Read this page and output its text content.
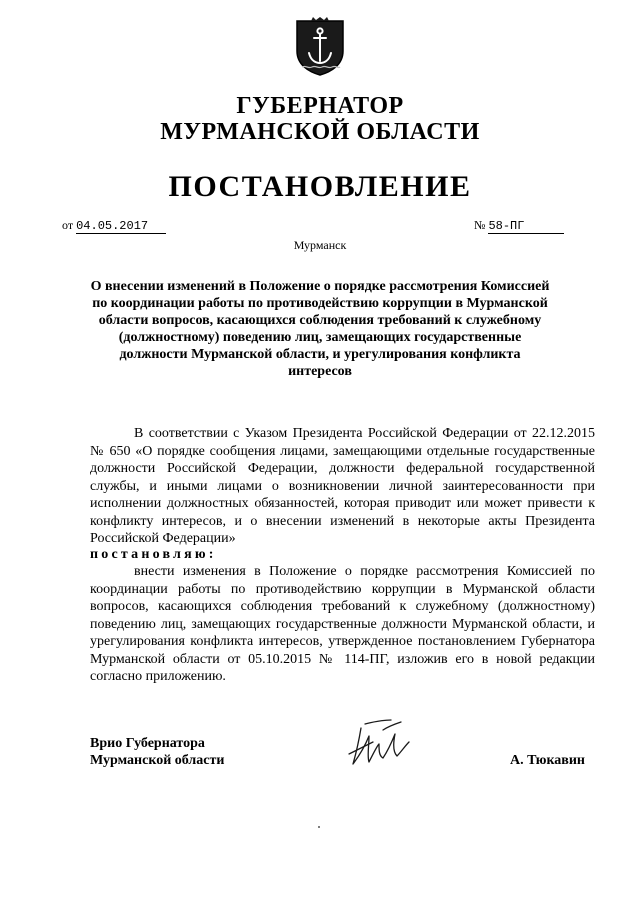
ГУБЕРНАТОР
МУРМАНСКОЙ ОБЛАСТИ
ПОСТАНОВЛЕНИЕ
от 04.05.2017	№ 58-ПГ
Мурманск
О внесении изменений в Положение о порядке рассмотрения Комиссией
по координации работы по противодействию коррупции в Мурманской
области вопросов, касающихся соблюдения требований к служебному
(должностному) поведению лиц, замещающих государственные
должности Мурманской области, и урегулирования конфликта
интересов
В соответствии с Указом Президента Российской Федерации от 22.12.2015 № 650 «О порядке сообщения лицами, замещающими отдельные государственные должности Российской Федерации, должности федеральной государственной службы, и иными лицами о возникновении личной заинтересованности при исполнении должностных обязанностей, которая приводит или может привести к конфликту интересов, и о внесении изменений в некоторые акты Президента Российской Федерации»
постановляю:
внести изменения в Положение о порядке рассмотрения Комиссией по координации работы по противодействию коррупции в Мурманской области вопросов, касающихся соблюдения требований к служебному (должностному) поведению лиц, замещающих государственные должности Мурманской области, и урегулирования конфликта интересов, утвержденное постановлением Губернатора Мурманской области от 05.10.2015 № 114-ПГ, изложив его в новой редакции согласно приложению.
Врио Губернатора
Мурманской области	А. Тюкавин
